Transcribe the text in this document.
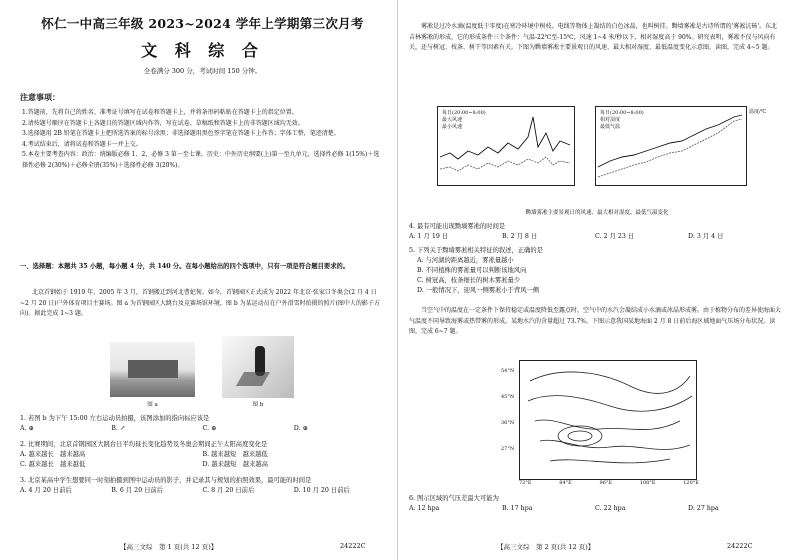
怀仁一中高三年级 2023~2024 学年上学期第三次月考
文 科 综 合
全卷满分 300 分，考试时间 150 分钟。
注意事项：
1.答题前，先将自己的姓名、准考证号填写在试卷和答题卡上，并将条形码粘贴在答题卡上的指定位置。
2.请按题号顺序在答题卡上各题目的答题区域内作答，写在试卷、草稿纸和答题卡上的非答题区域均无效。
3.选择题用 2B 铅笔在答题卡上把所选答案的标号涂黑；非选择题用黑色签字笔在答题卡上作答；字体工整，笔迹清楚。
4.考试结束后，请将试卷和答题卡一并上交。
5.本卷主要考查内容：政治：统编版必修 1、2，必修 3 第一至七课。历史：中外历史纲要(上)第一至九单元、选择性必修 1(15%)＋选择性必修 2(30%)＋必修全册(35%)＋选择性必修 3(20%)。
一、选择题：本题共 35 小题，每小题 4 分，共 140 分。在每小题给出的四个选项中，只有一项是符合题目要求的。
北京首钢始于 1919 年，2005 年 3 月，首钢搬迁到河北曹妃甸。如今，首钢园区正式成为 2022 年北京·张家口冬奥会(2 月 4 日~2 月 20 日)户外体育项目主赛场。图 a 为首钢园区大跳台及竞赛场馆环境，图 b 为某运动员在户外滑雪时拍摄的照片(图中人的影子方向)。据此完成 1~3 题。
图 a	图 b
1. 若图 b 为下午 15:00 左右运动员拍摄，该图添加的指向标应该是
A. ⊕	B. ↗	C. ⊕	D. ⊕
2. 比赛期间，北京首钢园区大跳台日平均昼长变化趋势及冬奥会期间正午太阳高度变化是
A. 越来越长　越来越高	B. 越来越短　越来越低
C. 越来越长　越来越低	D. 越来越短　越来越高
3. 北京某高中学生想要同一时刻拍摄到图中运动员的影子，并记录其与规划的拍照效果，最可能的时间是
A. 4 月 20 日前后	B. 6 月 20 日前后	C. 8 月 20 日前后	D. 10 月 20 日前后
【高三文综　第 1 页(共 12 页)】	24222C
雾凇是过冷水滴(温度低于零度)在寒冷环境中树枝、电线等物体上凝结的白色冰晶，也叫树挂。黝墙雾凇是古诗所谓的'雾凇沆砀'。东北吉林雾凇的形成，它的形成条件三个条件：气温-22℃至-15℃，风速 1~4 米/秒以下，相对湿度高于 90%。研究表明，雾凇不仅与风向有关，还与树冠、枝条、树干等因素有关。下图为黝墙雾凇主要景观日的风速、最大相对湿度、最低温度变化示意图。读图，完成 4~5 题。
每日(20:00~8:00)
最大风速
最小风速
每日(20:00~8:00)
相对湿度
最低气温
温度/℃
黝墙雾凇主要景观日的风速、最大相对湿度、最低气温变化
4. 最有可能出现黝墙雾凇的时间是
A. 1 月 19 日	B. 2 月 8 日	C. 2 月 23 日	D. 3 月 4 日
5. 下列关于黝墙雾凇相关特征的叙述，正确的是
A. 与河湖的距离越近，雾凇量越小
B. 不同植株的雾凇量可以判断该地风向
C. 树冠高，枝条细长的树木雾凇量少
D. 一般情况下，迎风一侧雾凇小于背风一侧
当空气中的温度在一定条件下保持稳定或温度降低至露点时，空气中的水汽会凝结成小水滴或冰晶形成雾。由于植物分布的差异使海面大气温度不同导致海雾或热带雾的形成。某地水汽的含量超过 73.7%。下图示意我国某地海面 2 月 8 日前后海区域地面气压场分布状况。读图，完成 6~7 题。
54°N
45°N
36°N
27°N
72°E	84°E	96°E	108°E	120°E
6. 图示区域的气压差最大可能为
A. 12 hpa	B. 17 hpa	C. 22 hpa	D. 27 hpa
【高三文综　第 2 页(共 12 页)】	24222C
